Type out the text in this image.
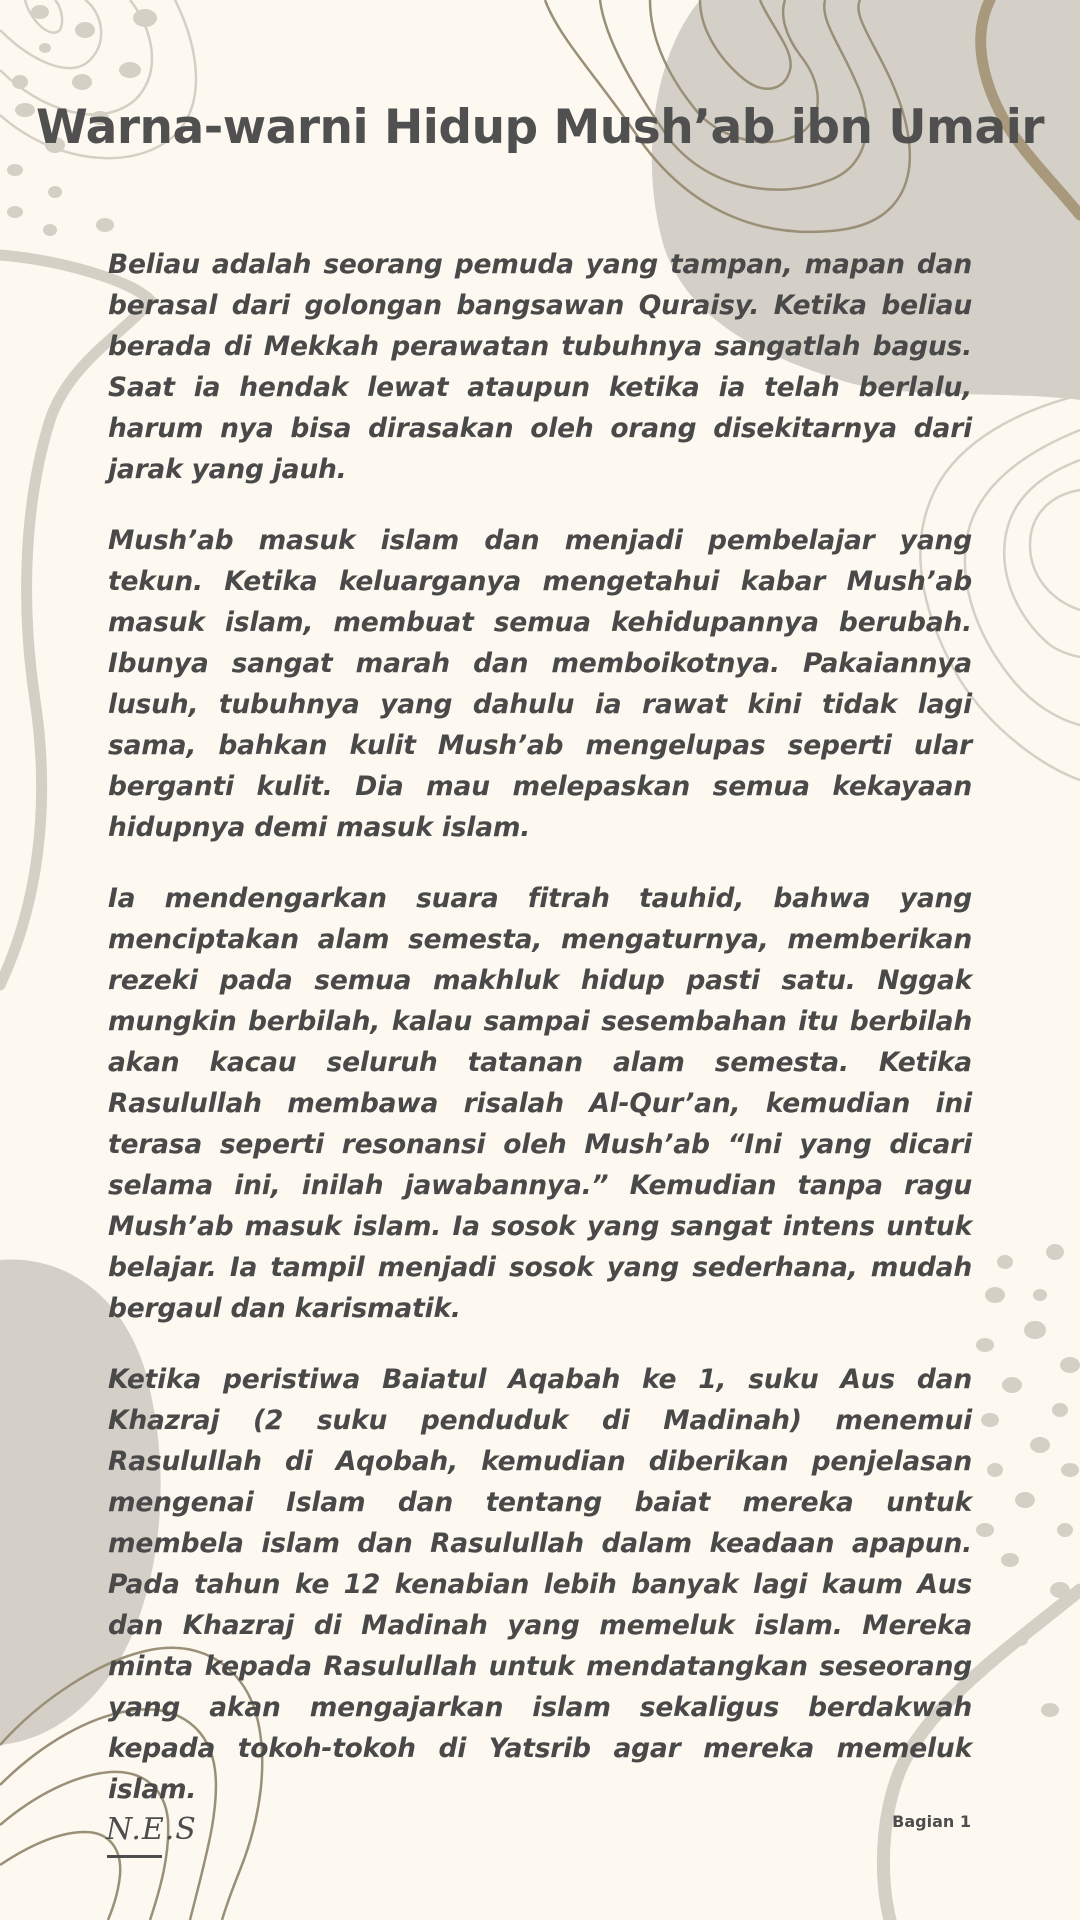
Warna-warni Hidup Mush’ab ibn Umair

Beliau adalah seorang pemuda yang tampan, mapan dan berasal dari golongan bangsawan Quraisy. Ketika beliau berada di Mekkah perawatan tubuhnya sangatlah bagus. Saat ia hendak lewat ataupun ketika ia telah berlalu, harum nya bisa dirasakan oleh orang disekitarnya dari jarak yang jauh.

Mush’ab masuk islam dan menjadi pembelajar yang tekun. Ketika keluarganya mengetahui kabar Mush’ab masuk islam, membuat semua kehidupannya berubah. Ibunya sangat marah dan memboikotnya. Pakaiannya lusuh, tubuhnya yang dahulu ia rawat kini tidak lagi sama, bahkan kulit Mush’ab mengelupas seperti ular berganti kulit. Dia mau melepaskan semua kekayaan hidupnya demi masuk islam.

Ia mendengarkan suara fitrah tauhid, bahwa yang menciptakan alam semesta, mengaturnya, memberikan rezeki pada semua makhluk hidup pasti satu. Nggak mungkin berbilah, kalau sampai sesembahan itu berbilah akan kacau seluruh tatanan alam semesta. Ketika Rasulullah membawa risalah Al-Qur’an, kemudian ini terasa seperti resonansi oleh Mush’ab “Ini yang dicari selama ini, inilah jawabannya.” Kemudian tanpa ragu Mush’ab masuk islam. Ia sosok yang sangat intens untuk belajar. Ia tampil menjadi sosok yang sederhana, mudah bergaul dan karismatik.

Ketika peristiwa Baiatul Aqabah ke 1, suku Aus dan Khazraj (2 suku penduduk di Madinah) menemui Rasulullah di Aqobah, kemudian diberikan penjelasan mengenai Islam dan tentang baiat mereka untuk membela islam dan Rasulullah dalam keadaan apapun. Pada tahun ke 12 kenabian lebih banyak lagi kaum Aus dan Khazraj di Madinah yang memeluk islam. Mereka minta kepada Rasulullah untuk mendatangkan seseorang yang akan mengajarkan islam sekaligus berdakwah kepada tokoh-tokoh di Yatsrib agar mereka memeluk islam.

N.E.S	Bagian 1
